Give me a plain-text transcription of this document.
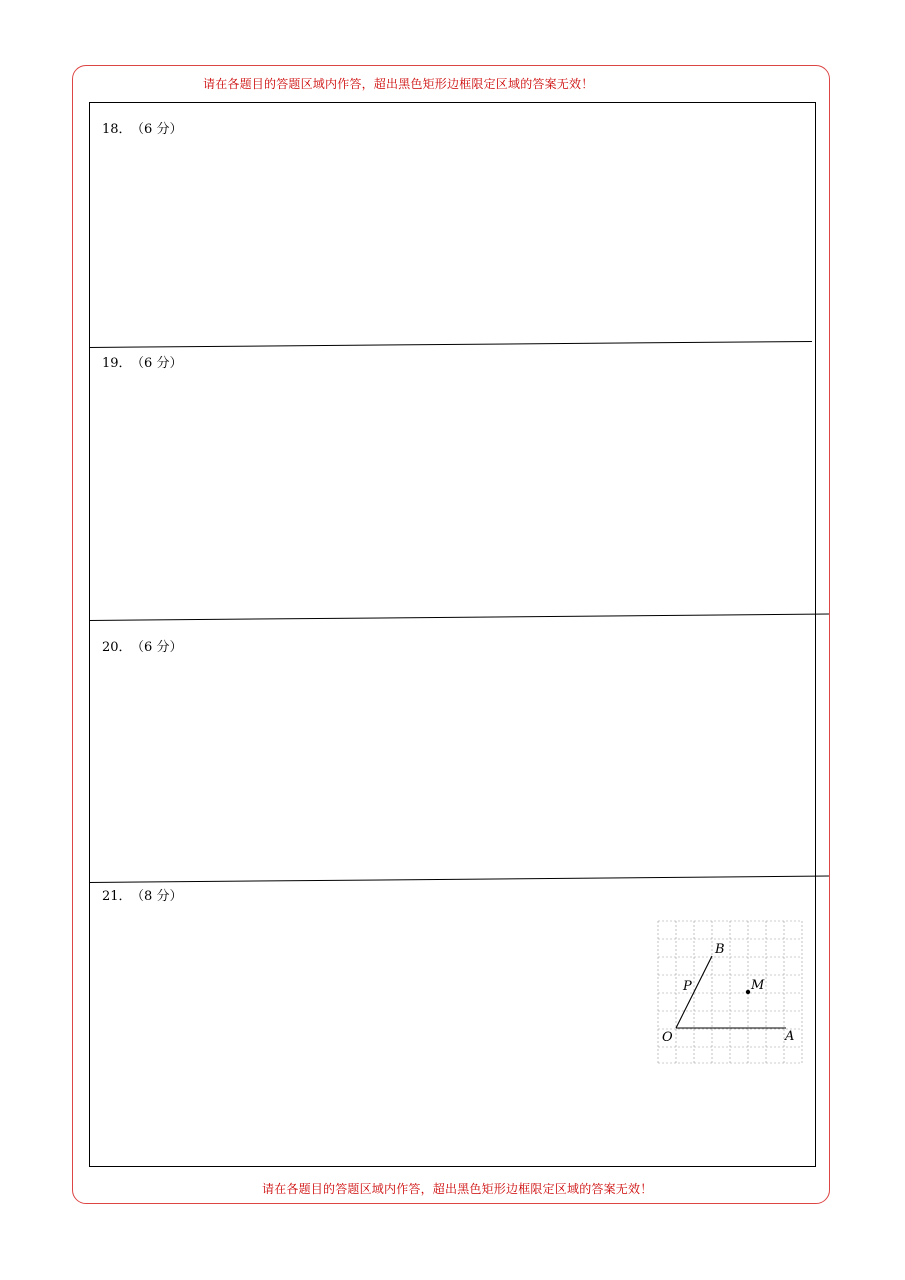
请在各题目的答题区域内作答，超出黑色矩形边框限定区域的答案无效！
18． （6 分）
19． （6 分）
20． （6 分）
21． （8 分）
B
P	M
O	A
请在各题目的答题区域内作答，超出黑色矩形边框限定区域的答案无效！
